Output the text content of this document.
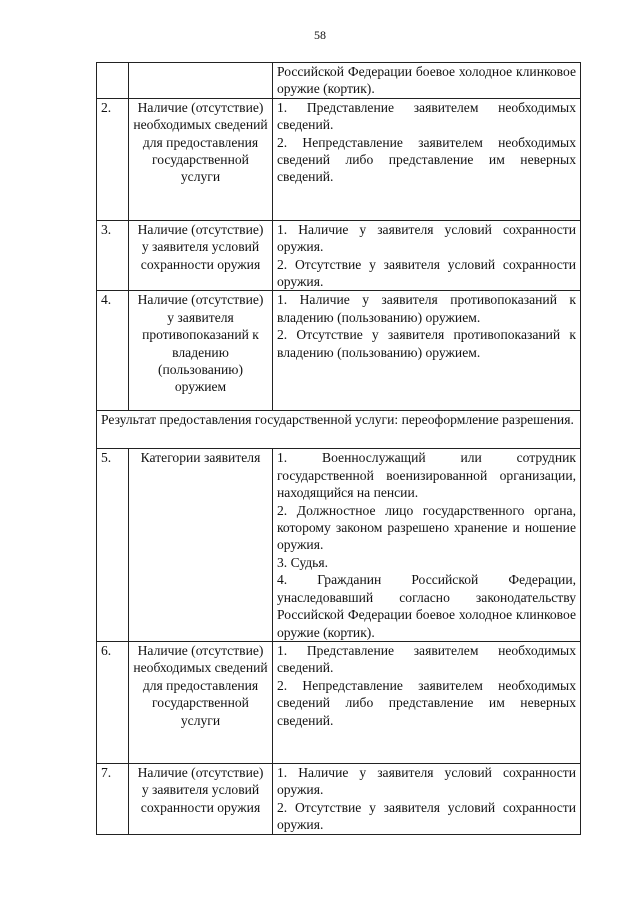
58

		Российской Федерации боевое холодное клинковое оружие (кортик).

2.	Наличие (отсутствие) необходимых сведений для предоставления государственной услуги	1. Представление заявителем необходимых сведений.
2. Непредставление заявителем необходимых сведений либо представление им неверных сведений.

3.	Наличие (отсутствие) у заявителя условий сохранности оружия	1. Наличие у заявителя условий сохранности оружия.
2. Отсутствие у заявителя условий сохранности оружия.

4.	Наличие (отсутствие) у заявителя противопоказаний к владению (пользованию) оружием	1. Наличие у заявителя противопоказаний к владению (пользованию) оружием.
2. Отсутствие у заявителя противопоказаний к владению (пользованию) оружием.

Результат предоставления государственной услуги: переоформление разрешения.		
5.	Категории заявителя	1. Военнослужащий или сотрудник государственной военизированной организации, находящийся на пенсии.
2. Должностное лицо государственного органа, которому законом разрешено хранение и ношение оружия.
3. Судья.
4. Гражданин Российской Федерации, унаследовавший согласно законодательству Российской Федерации боевое холодное клинковое оружие (кортик).

6.	Наличие (отсутствие) необходимых сведений для предоставления государственной услуги	1. Представление заявителем необходимых сведений.
2. Непредставление заявителем необходимых сведений либо представление им неверных сведений.

7.	Наличие (отсутствие) у заявителя условий сохранности оружия	1. Наличие у заявителя условий сохранности оружия.
2. Отсутствие у заявителя условий сохранности оружия.
